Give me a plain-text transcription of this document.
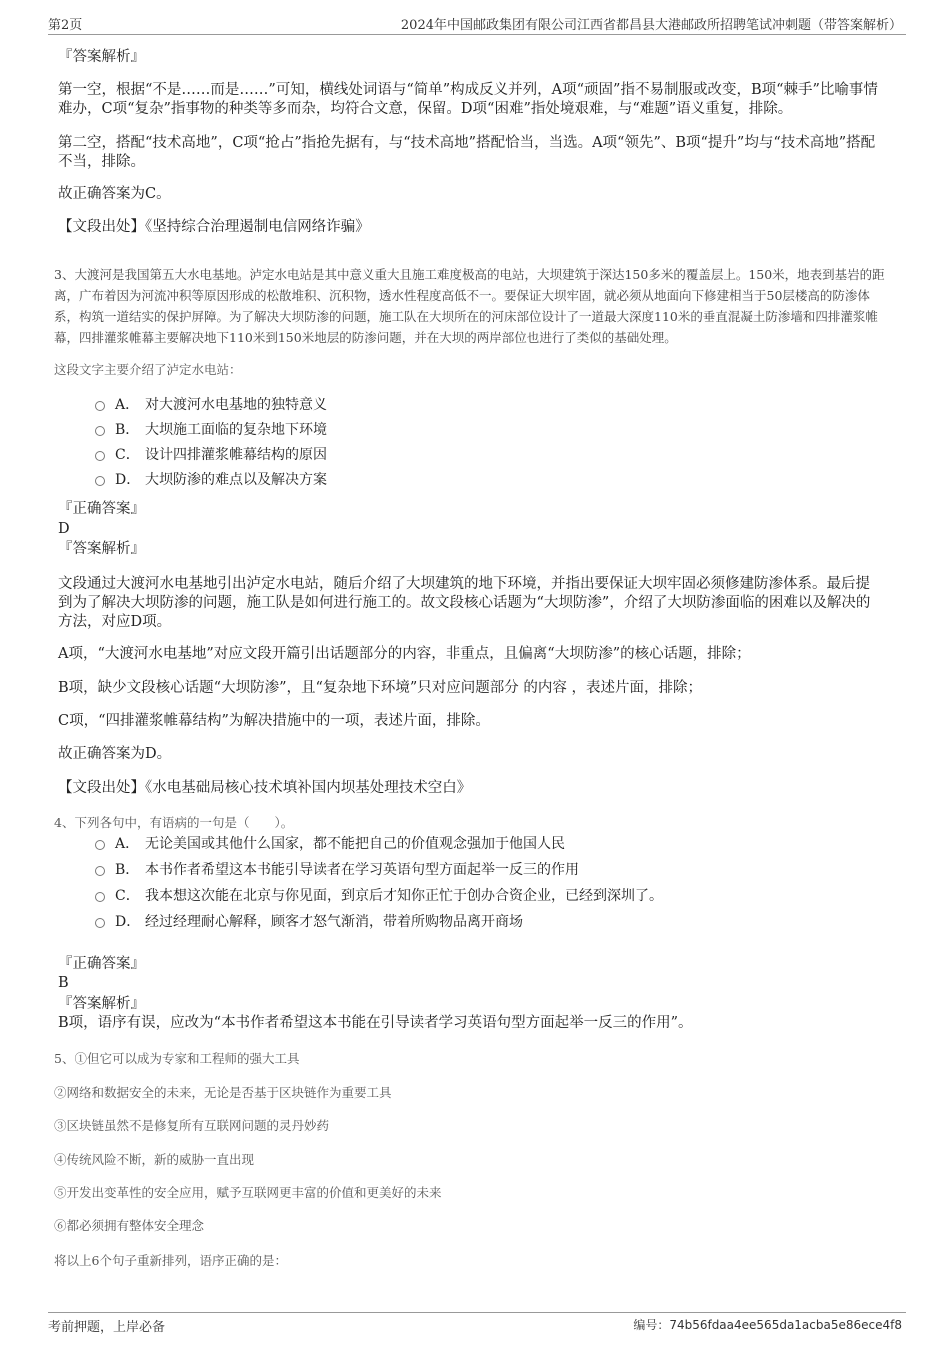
第2页	2024年中国邮政集团有限公司江西省都昌县大港邮政所招聘笔试冲刺题（带答案解析）
『答案解析』
第一空，根据“不是……而是……”可知，横线处词语与“简单”构成反义并列，A项“顽固”指不易制服或改变，B项“棘手”比喻事情难办，C项“复杂”指事物的种类等多而杂，均符合文意，保留。D项“困难”指处境艰难，与“难题”语义重复，排除。
第二空，搭配“技术高地”，C项“抢占”指抢先据有，与“技术高地”搭配恰当，当选。A项“领先”、B项“提升”均与“技术高地”搭配不当，排除。
故正确答案为C。
【文段出处】《坚持综合治理遏制电信网络诈骗》
3、大渡河是我国第五大水电基地。泸定水电站是其中意义重大且施工难度极高的电站，大坝建筑于深达150多米的覆盖层上。150米，地表到基岩的距离，广布着因为河流冲积等原因形成的松散堆积、沉积物，透水性程度高低不一。要保证大坝牢固，就必须从地面向下修建相当于50层楼高的防渗体系，构筑一道结实的保护屏障。为了解决大坝防渗的问题，施工队在大坝所在的河床部位设计了一道最大深度110米的垂直混凝土防渗墙和四排灌浆帷幕，四排灌浆帷幕主要解决地下110米到150米地层的防渗问题，并在大坝的两岸部位也进行了类似的基础处理。
这段文字主要介绍了泸定水电站：
A． 对大渡河水电基地的独特意义
B． 大坝施工面临的复杂地下环境
C． 设计四排灌浆帷幕结构的原因
D． 大坝防渗的难点以及解决方案
『正确答案』
D
『答案解析』
文段通过大渡河水电基地引出泸定水电站，随后介绍了大坝建筑的地下环境，并指出要保证大坝牢固必须修建防渗体系。最后提到为了解决大坝防渗的问题，施工队是如何进行施工的。故文段核心话题为“大坝防渗”，介绍了大坝防渗面临的困难以及解决的方法，对应D项。
A项，“大渡河水电基地”对应文段开篇引出话题部分的内容，非重点，且偏离“大坝防渗”的核心话题，排除；
B项，缺少文段核心话题“大坝防渗”，且“复杂地下环境”只对应问题部分 的内容 ，表述片面，排除；
C项，“四排灌浆帷幕结构”为解决措施中的一项，表述片面，排除。
故正确答案为D。
【文段出处】《水电基础局核心技术填补国内坝基处理技术空白》
4、下列各句中，有语病的一句是（　　）。
A． 无论美国或其他什么国家，都不能把自己的价值观念强加于他国人民
B． 本书作者希望这本书能引导读者在学习英语句型方面起举一反三的作用
C． 我本想这次能在北京与你见面，到京后才知你正忙于创办合资企业，已经到深圳了。
D． 经过经理耐心解释，顾客才怒气渐消，带着所购物品离开商场
『正确答案』
B
『答案解析』
B项，语序有误，应改为“本书作者希望这本书能在引导读者学习英语句型方面起举一反三的作用”。
5、①但它可以成为专家和工程师的强大工具
②网络和数据安全的未来，无论是否基于区块链作为重要工具
③区块链虽然不是修复所有互联网问题的灵丹妙药
④传统风险不断，新的威胁一直出现
⑤开发出变革性的安全应用，赋予互联网更丰富的价值和更美好的未来
⑥都必须拥有整体安全理念
将以上6个句子重新排列，语序正确的是：
考前押题，上岸必备	编号：74b56fdaa4ee565da1acba5e86ece4f8
